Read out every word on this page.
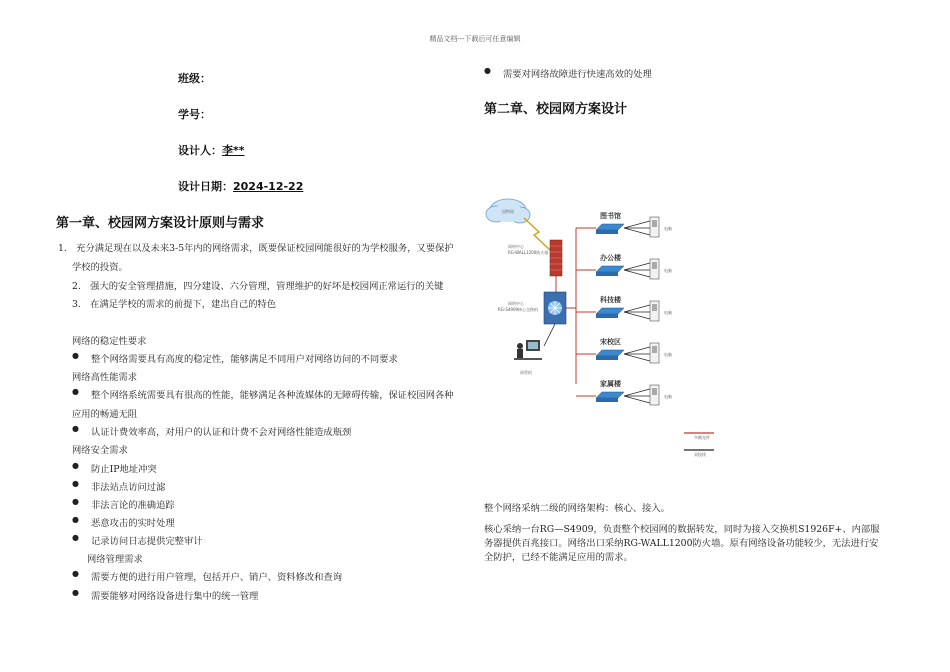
精品文档---下载后可任意编辑
班级：
学号：
设计人：李**
设计日期：2024-12-22
第一章、校园网方案设计原则与需求
1.　充分满足现在以及未来3-5年内的网络需求，既要保证校园网能很好的为学校服务，又要保护
学校的投资。
2.　强大的安全管理措施，四分建设、六分管理，管理维护的好坏是校园网正常运行的关键
3.　在满足学校的需求的前提下，建出自己的特色
网络的稳定性要求
● 整个网络需要具有高度的稳定性，能够满足不同用户对网络访问的不同要求
网络高性能需求
● 整个网络系统需要具有很高的性能，能够满足各种流媒体的无障碍传输，保证校园网各种
应用的畅通无阻
● 认证计费效率高，对用户的认证和计费不会对网络性能造成瓶颈
网络安全需求
● 防止IP地址冲突
● 非法站点访问过滤
● 非法言论的准确追踪
● 恶意攻击的实时处理
● 记录访问日志提供完整审计
网络管理需求
● 需要方便的进行用户管理，包括开户、销户、资料修改和查询
● 需要能够对网络设备进行集中的统一管理
● 需要对网络故障进行快速高效的处理
第二章、校园网方案设计
因特网
网络中心
RG-WALL1200防火墙
网络中心
RG-S4909核心交换机
网管机
图书馆
电脑
办公楼
电脑
科技楼
电脑
宋校区
电脑
家属楼
电脑
多模光纤
双绞线
整个网络采纳二级的网络架构：核心、接入。
核心采纳一台RG—S4909，负责整个校园网的数据转发，同时为接入交换机S1926F+、内部服
务器提供百兆接口。网络出口采纳RG-WALL1200防火墙。原有网络设备功能较少，无法进行安
全防护，已经不能满足应用的需求。
